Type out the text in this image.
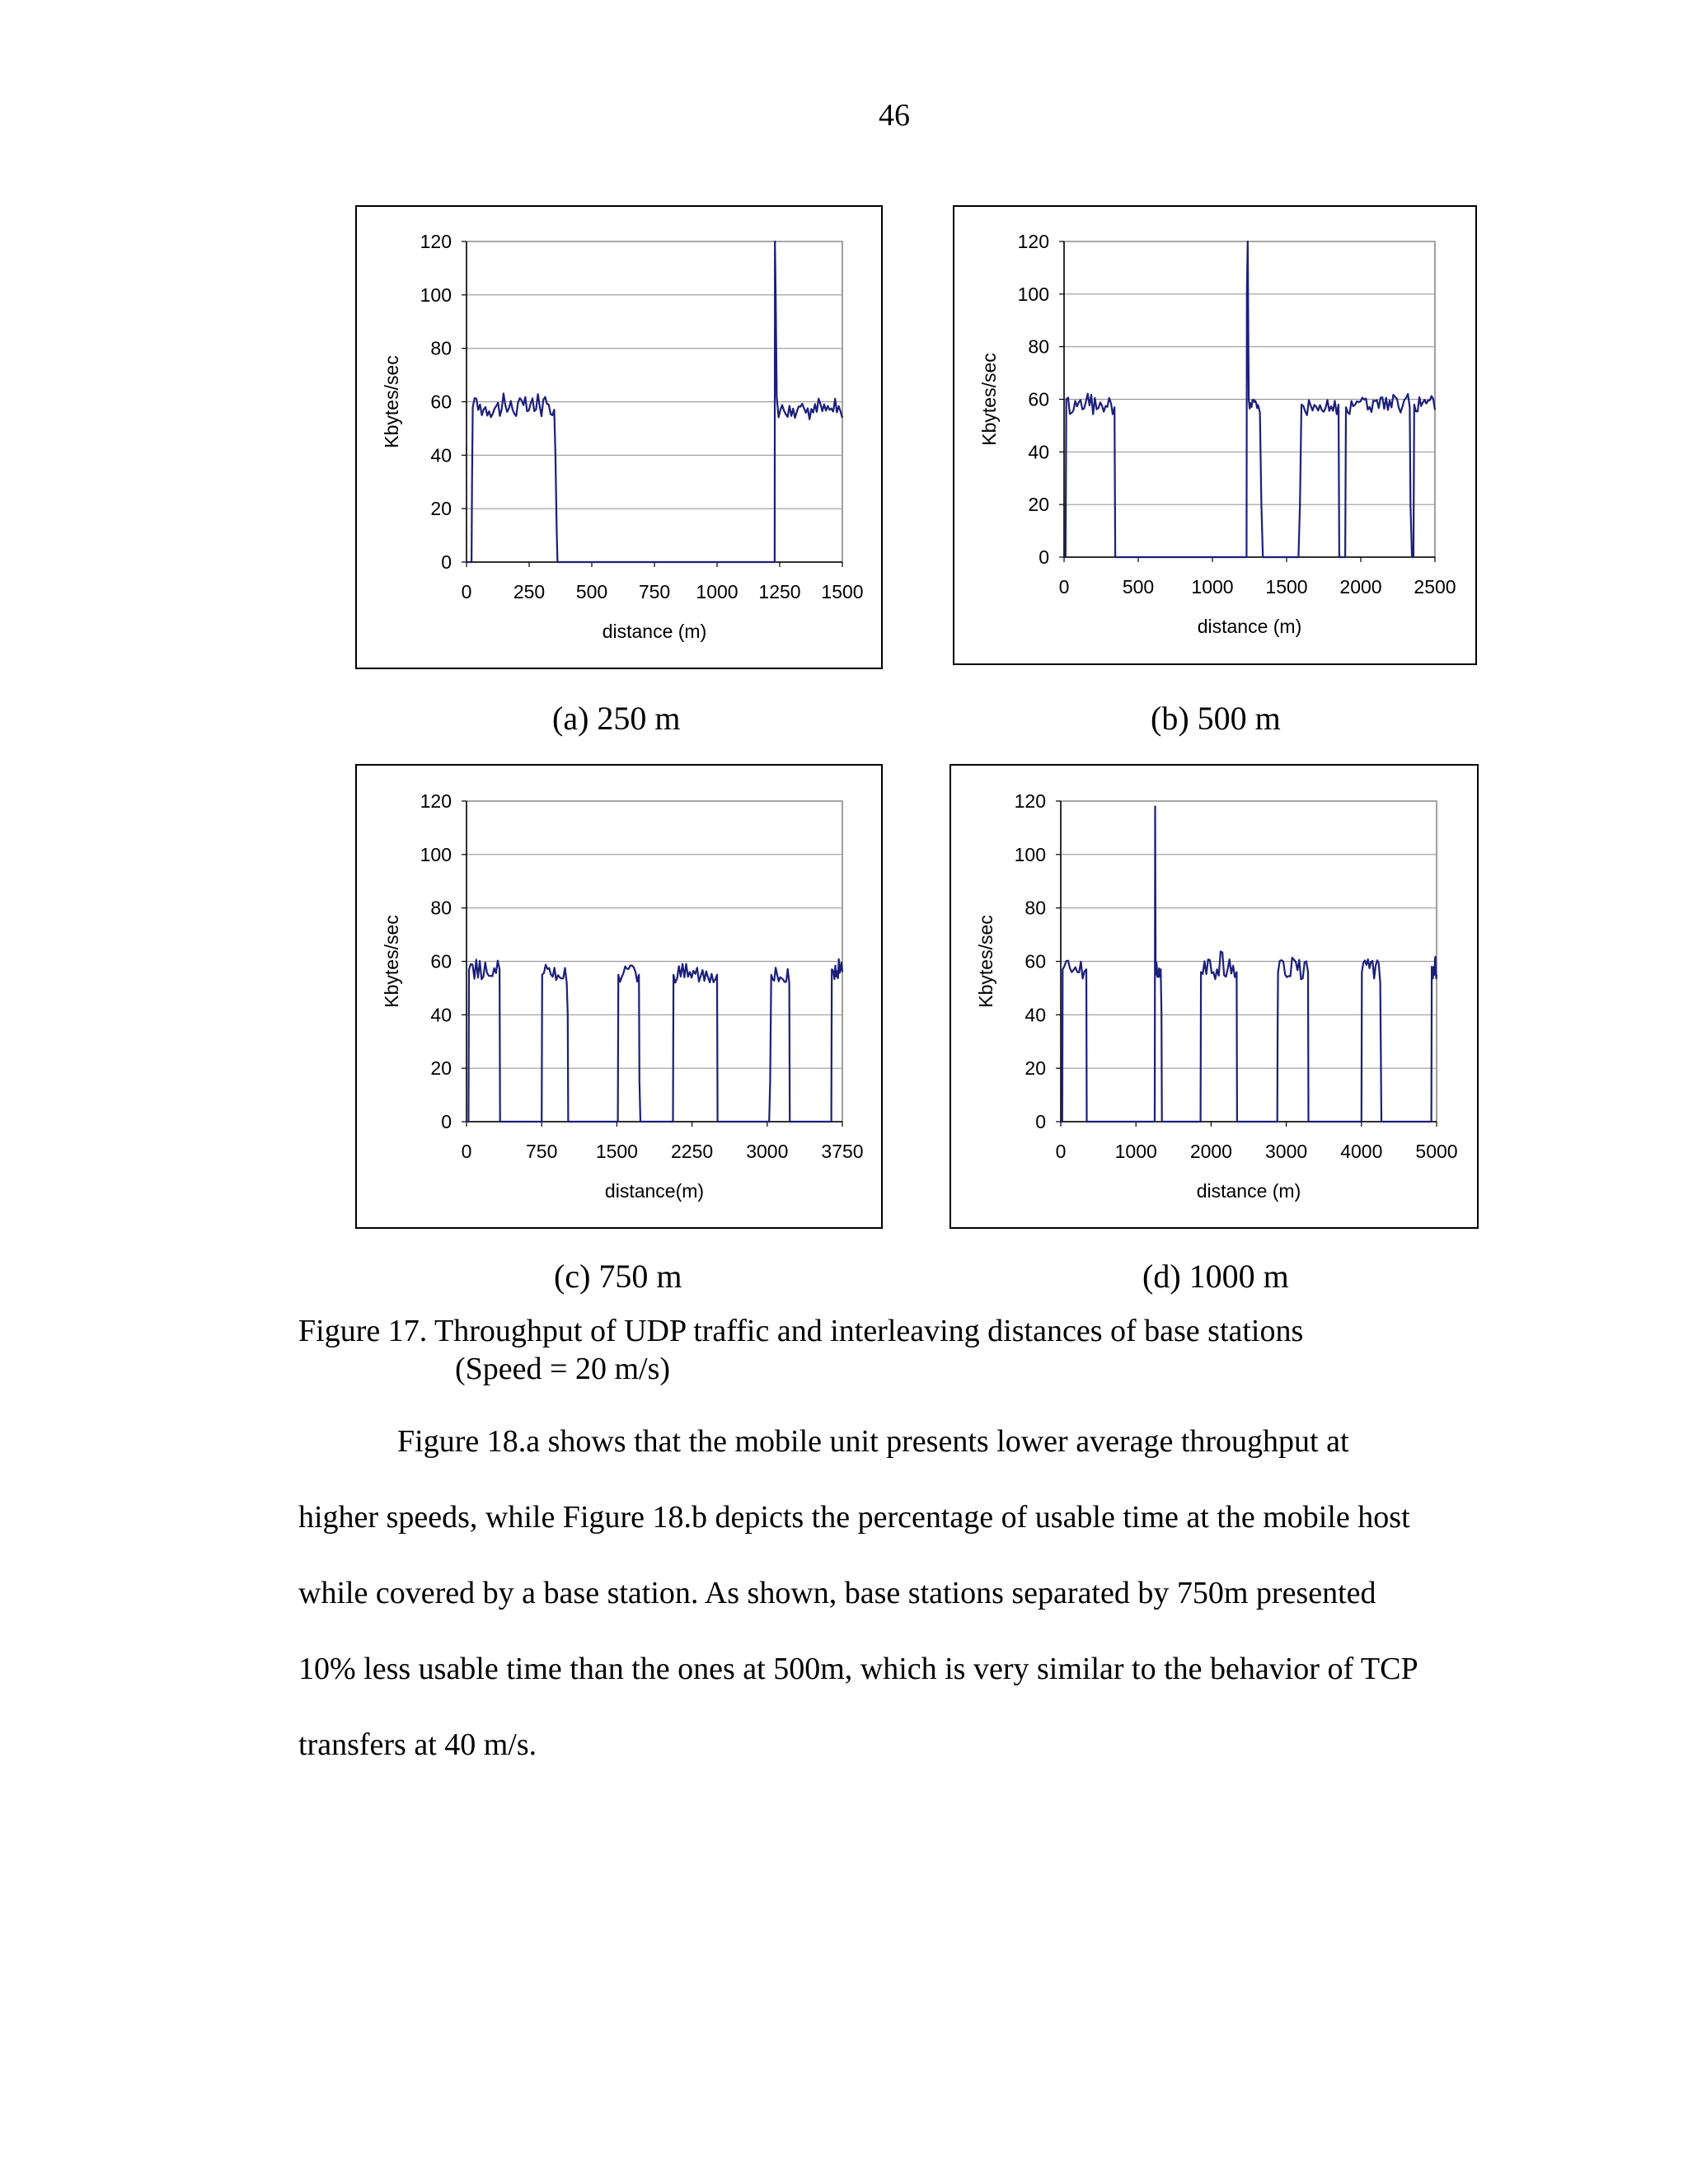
46
0
20
40
60
80
100
120
0 250 500 750 1000 1250 1500
distance (m)
Kbytes/sec
(a) 250 m
0
20
40
60
80
100
120
0	500 1000 1500 2000 2500
distance (m)
Kbytes/sec
(b) 500 m
0
20
40
60
80
100
120
0	750 1500 2250 3000 3750
distance(m)
Kbytes/sec
(c) 750 m
0
20
40
60
80
100
120
0	1000 2000 3000 4000 5000
distance (m)
Kbytes/sec
(d) 1000 m
Figure 17. Throughput of UDP traffic and interleaving distances of base stations
(Speed = 20 m/s)
Figure 18.a shows that the mobile unit presents lower average throughput at
higher speeds, while Figure 18.b depicts the percentage of usable time at the mobile host
while covered by a base station. As shown, base stations separated by 750m presented
10% less usable time than the ones at 500m, which is very similar to the behavior of TCP
transfers at 40 m/s.
